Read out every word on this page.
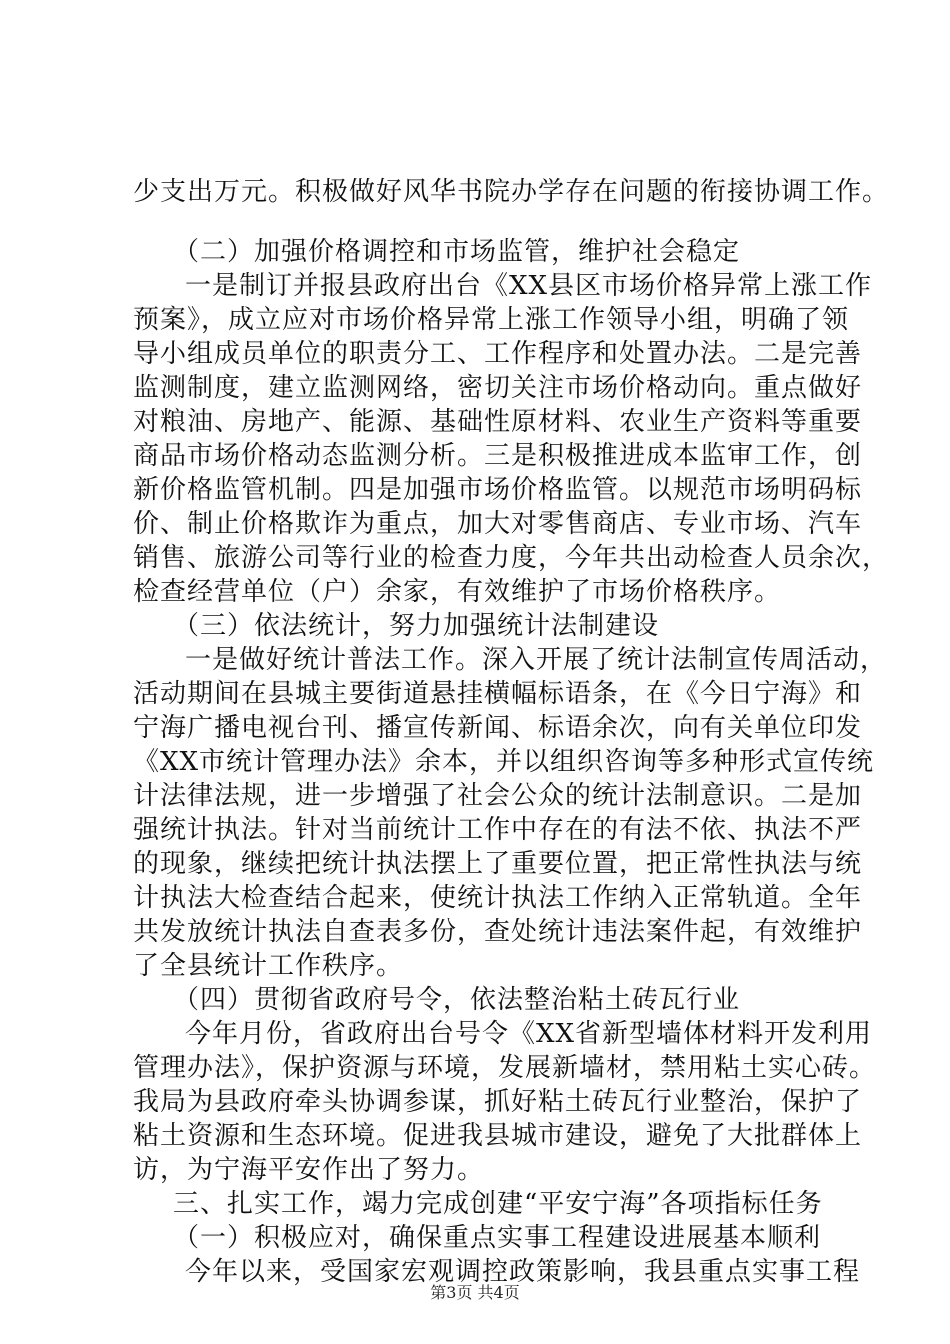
少支出万元。积极做好风华书院办学存在问题的衔接协调工作。
（二）加强价格调控和市场监管，维护社会稳定
一是制订并报县政府出台《XX县区市场价格异常上涨工作
预案》，成立应对市场价格异常上涨工作领导小组，明确了领
导小组成员单位的职责分工、工作程序和处置办法。二是完善
监测制度，建立监测网络，密切关注市场价格动向。重点做好
对粮油、房地产、能源、基础性原材料、农业生产资料等重要
商品市场价格动态监测分析。三是积极推进成本监审工作，创
新价格监管机制。四是加强市场价格监管。以规范市场明码标
价、制止价格欺诈为重点，加大对零售商店、专业市场、汽车
销售、旅游公司等行业的检查力度，今年共出动检查人员余次，
检查经营单位（户）余家，有效维护了市场价格秩序。
（三）依法统计，努力加强统计法制建设
一是做好统计普法工作。深入开展了统计法制宣传周活动，
活动期间在县城主要街道悬挂横幅标语条，在《今日宁海》和
宁海广播电视台刊、播宣传新闻、标语余次，向有关单位印发
《XX市统计管理办法》余本，并以组织咨询等多种形式宣传统
计法律法规，进一步增强了社会公众的统计法制意识。二是加
强统计执法。针对当前统计工作中存在的有法不依、执法不严
的现象，继续把统计执法摆上了重要位置，把正常性执法与统
计执法大检查结合起来，使统计执法工作纳入正常轨道。全年
共发放统计执法自查表多份，查处统计违法案件起，有效维护
了全县统计工作秩序。
（四）贯彻省政府号令，依法整治粘土砖瓦行业
今年月份，省政府出台号令《XX省新型墙体材料开发利用
管理办法》，保护资源与环境，发展新墙材，禁用粘土实心砖。
我局为县政府牵头协调参谋，抓好粘土砖瓦行业整治，保护了
粘土资源和生态环境。促进我县城市建设，避免了大批群体上
访，为宁海平安作出了努力。
三、扎实工作，竭力完成创建“平安宁海”各项指标任务
（一）积极应对，确保重点实事工程建设进展基本顺利
今年以来，受国家宏观调控政策影响，我县重点实事工程
第3页 共4页
